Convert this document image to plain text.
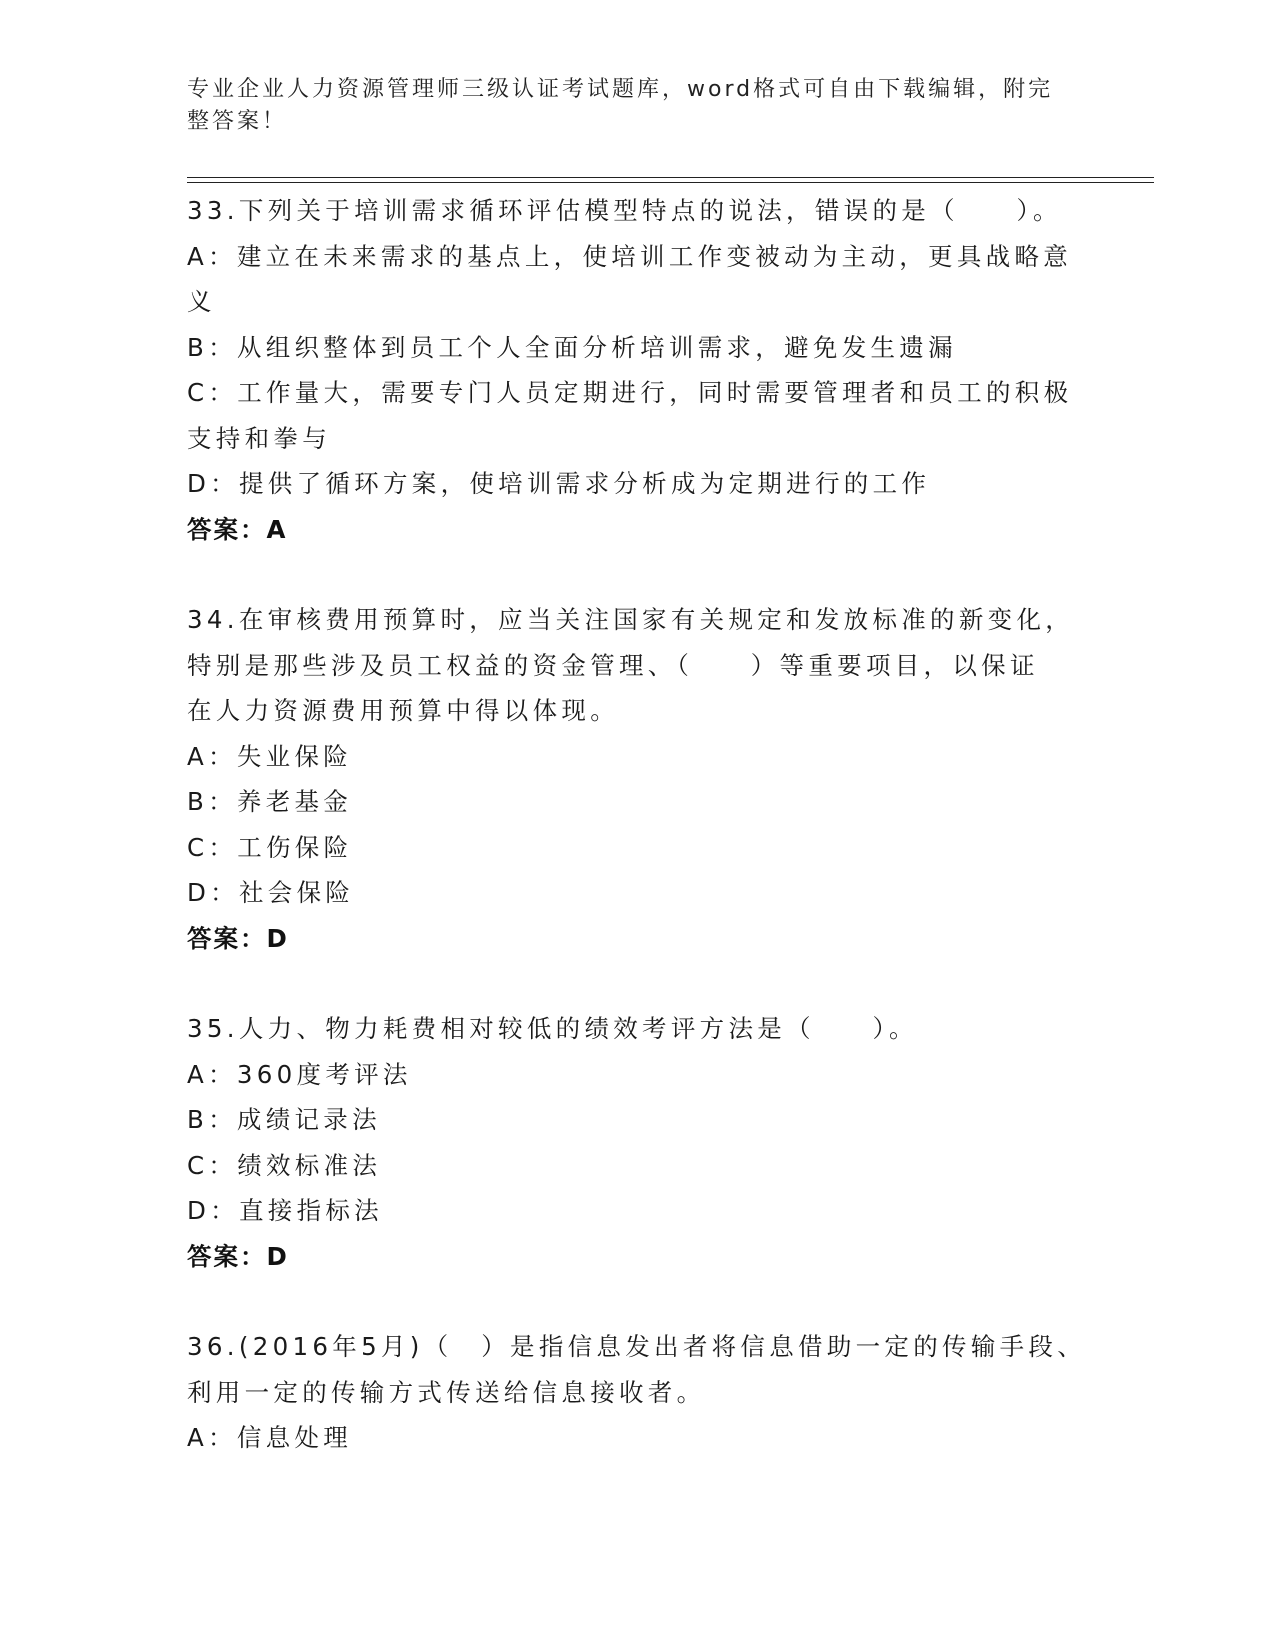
专业企业人力资源管理师三级认证考试题库，word格式可自由下载编辑，附完整答案！
33.下列关于培训需求循环评估模型特点的说法，错误的是（　　）。
A：建立在未来需求的基点上，使培训工作变被动为主动，更具战略意
义
B：从组织整体到员工个人全面分析培训需求，避免发生遗漏
C：工作量大，需要专门人员定期进行，同时需要管理者和员工的积极
支持和拳与
D：提供了循环方案，使培训需求分析成为定期进行的工作
答案：A
34.在审核费用预算时，应当关注国家有关规定和发放标准的新变化，
特别是那些涉及员工权益的资金管理、（　　）等重要项目，以保证
在人力资源费用预算中得以体现。
A：失业保险
B：养老基金
C：工伤保险
D：社会保险
答案：D
35.人力、物力耗费相对较低的绩效考评方法是（　　）。
A：360度考评法
B：成绩记录法
C：绩效标准法
D：直接指标法
答案：D
36.(2016年5月)（　）是指信息发出者将信息借助一定的传输手段、
利用一定的传输方式传送给信息接收者。
A：信息处理
